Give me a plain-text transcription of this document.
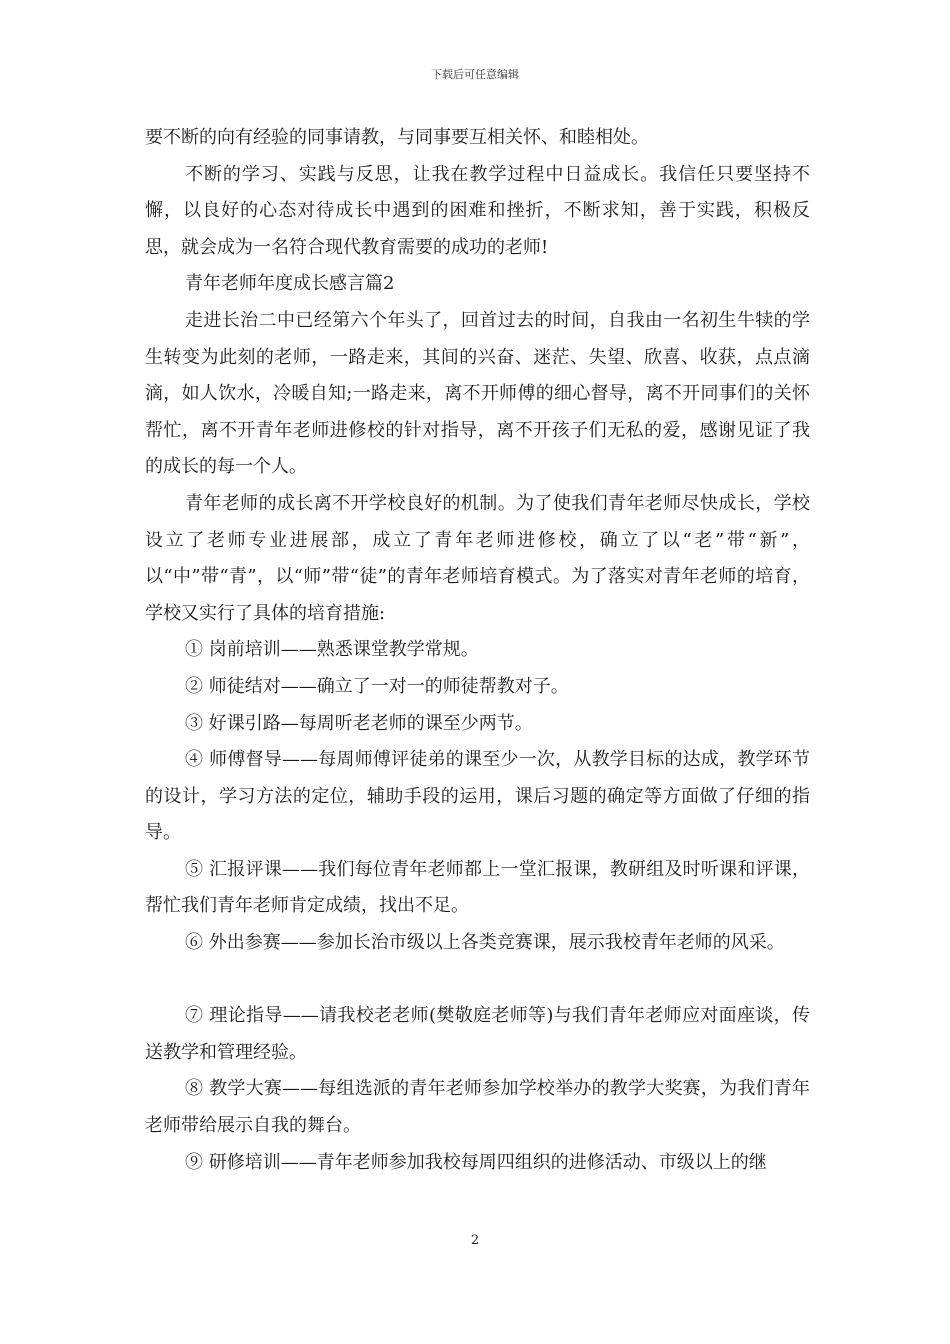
下载后可任意编辑

要不断的向有经验的同事请教，与同事要互相关怀、和睦相处。

不断的学习、实践与反思，让我在教学过程中日益成长。我信任只要坚持不懈，以良好的心态对待成长中遇到的困难和挫折，不断求知，善于实践，积极反思，就会成为一名符合现代教育需要的成功的老师!

青年老师年度成长感言篇2

走进长治二中已经第六个年头了，回首过去的时间，自我由一名初生牛犊的学生转变为此刻的老师，一路走来，其间的兴奋、迷茫、失望、欣喜、收获，点点滴滴，如人饮水，冷暖自知;一路走来，离不开师傅的细心督导，离不开同事们的关怀帮忙，离不开青年老师进修校的针对指导，离不开孩子们无私的爱，感谢见证了我的成长的每一个人。

青年老师的成长离不开学校良好的机制。为了使我们青年老师尽快成长，学校设立了老师专业进展部，成立了青年老师进修校，确立了以“老”带“新”，以“中”带“青”，以“师”带“徒”的青年老师培育模式。为了落实对青年老师的培育，学校又实行了具体的培育措施:

① 岗前培训——熟悉课堂教学常规。

② 师徒结对——确立了一对一的师徒帮教对子。

③ 好课引路—每周听老老师的课至少两节。

④ 师傅督导——每周师傅评徒弟的课至少一次，从教学目标的达成，教学环节的设计，学习方法的定位，辅助手段的运用，课后习题的确定等方面做了仔细的指导。

⑤ 汇报评课——我们每位青年老师都上一堂汇报课，教研组及时听课和评课，帮忙我们青年老师肯定成绩，找出不足。

⑥ 外出参赛——参加长治市级以上各类竞赛课，展示我校青年老师的风采。

⑦ 理论指导——请我校老老师(樊敬庭老师等)与我们青年老师应对面座谈，传送教学和管理经验。

⑧ 教学大赛——每组选派的青年老师参加学校举办的教学大奖赛，为我们青年老师带给展示自我的舞台。

⑨ 研修培训——青年老师参加我校每周四组织的进修活动、市级以上的继

2
